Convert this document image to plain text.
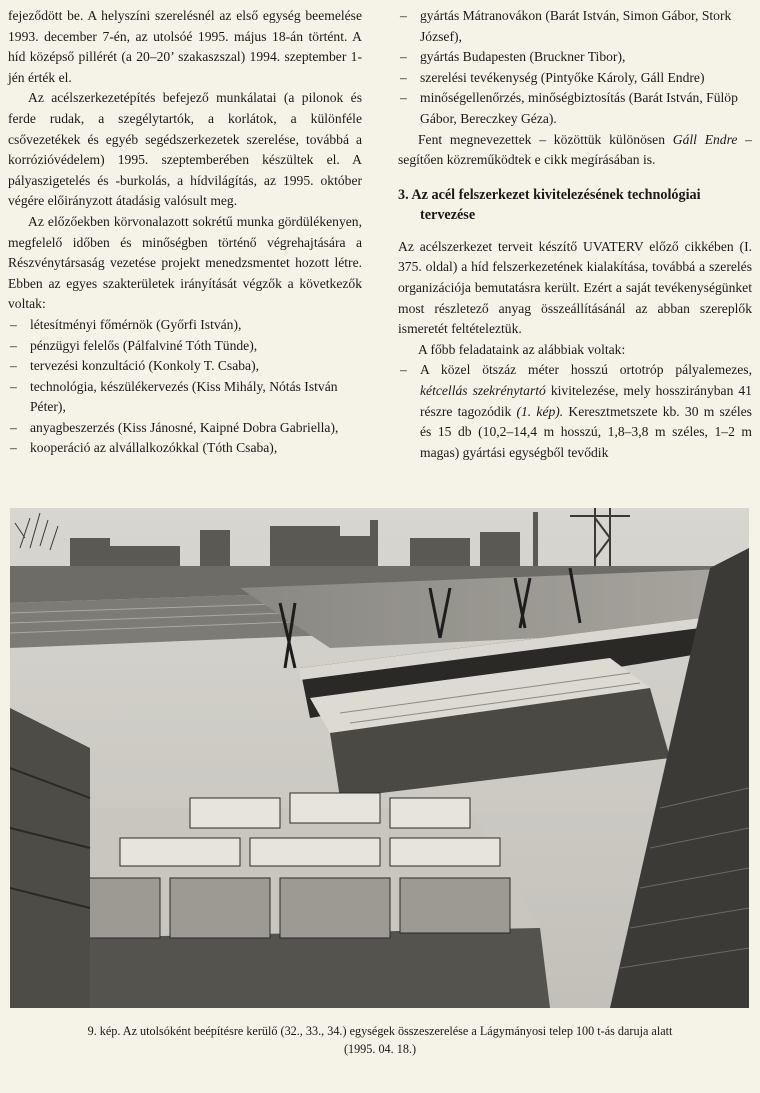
fejeződött be. A helyszíni szerelésnél az első egység beemelése 1993. december 7-én, az utolsóé 1995. május 18-án történt. A híd középső pillérét (a 20–20’ szakaszszal) 1994. szeptember 1-jén érték el.

Az acélszerkezetépítés befejező munkálatai (a pilonok és ferde rudak, a szegélytartók, a korlátok, a különféle csővezetékek és egyéb segédszerkezetek szerelése, továbbá a korrózióvédelem) 1995. szeptemberében készültek el. A pályaszigetelés és -burkolás, a hídvilágítás, az 1995. október végére előirányzott átadásig valósult meg.

Az előzőekben körvonalazott sokrétű munka gördülékenyen, megfelelő időben és minőségben történő végrehajtására a Részvénytársaság vezetése projekt menedzsmentet hozott létre. Ebben az egyes szakterületek irányítását végzők a következők voltak:

– létesítményi főmérnök (Győrfi István),
– pénzügyi felelős (Pálfalviné Tóth Tünde),
– tervezési konzultáció (Konkoly T. Csaba),
– technológia, készülékervezés (Kiss Mihály, Nótás István Péter),
– anyagbeszerzés (Kiss Jánosné, Kaipné Dobra Gabriella),
– kooperáció az alvállalkozókkal (Tóth Csaba),
– gyártás Mátranovákon (Barát István, Simon Gábor, Stork József),
– gyártás Budapesten (Bruckner Tibor),
– szerelési tevékenység (Pintyőke Károly, Gáll Endre)
– minőségellenőrzés, minőségbiztosítás (Barát István, Fülöp Gábor, Bereczkey Géza).

Fent megnevezettek – közöttük különösen Gáll Endre – segítően közreműködtek e cikk megírásában is.

3. Az acél felszerkezet kivitelezésének technológiai tervezése

Az acélszerkezet terveit készítő UVATERV előző cikkében (I. 375. oldal) a híd felszerkezetének kialakítása, továbbá a szerelés organizációja bemutatásra került. Ezért a saját tevékenységünket most részletező anyag összeállításánál az abban szereplők ismeretét feltételeztük.

A főbb feladataink az alábbiak voltak:

– A közel ötszáz méter hosszú ortotróp pályalemezes, kétcellás szekrénytartó kivitelezése, mely hosszirányban 41 részre tagozódik (1. kép). Keresztmetszete kb. 30 m széles és 15 db (10,2–14,4 m hosszú, 1,8–3,8 m széles, 1–2 m magas) gyártási egységből tevődik
9. kép. Az utolsóként beépítésre kerülő (32., 33., 34.) egységek összeszerelése a Lágymányosi telep 100 t-ás daruja alatt
(1995. 04. 18.)
